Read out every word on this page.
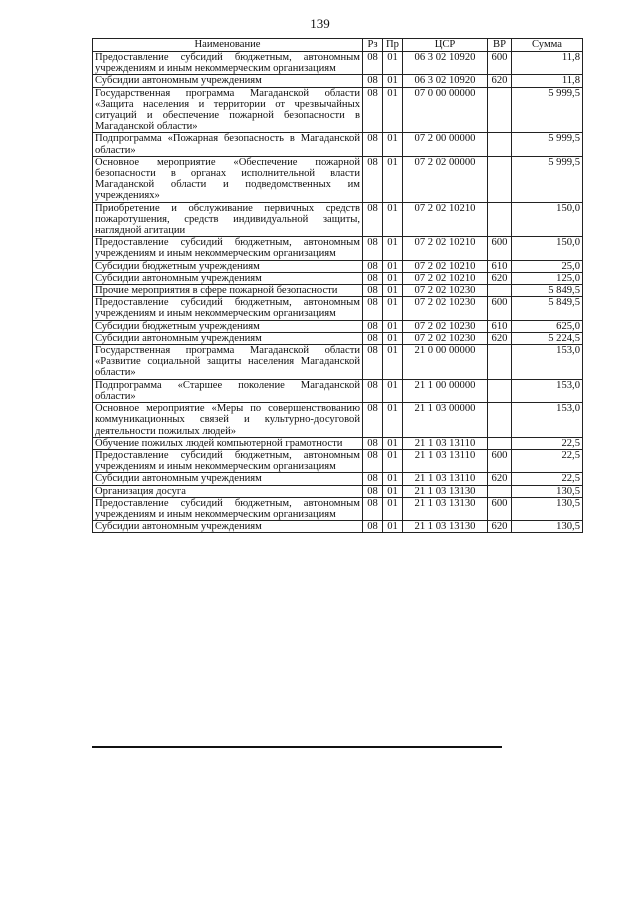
139
Наименование	Рз	Пр	ЦСР	ВР	Сумма
Предоставление субсидий бюджетным, автономным учреждениям и иным некоммерческим организациям	08	01	06 3 02 10920	600	11,8
Субсидии автономным учреждениям	08	01	06 3 02 10920	620	11,8
Государственная программа Магаданской области «Защита населения и территории от чрезвычайных ситуаций и обеспечение пожарной безопасности в Магаданской области»	08	01	07 0 00 00000		5 999,5
Подпрограмма «Пожарная безопасность в Магаданской области»	08	01	07 2 00 00000		5 999,5
Основное мероприятие «Обеспечение пожарной безопасности в органах исполнительной власти Магаданской области и подведомственных им учреждениях»	08	01	07 2 02 00000		5 999,5
Приобретение и обслуживание первичных средств пожаротушения, средств индивидуальной защиты, наглядной агитации	08	01	07 2 02 10210		150,0
Предоставление субсидий бюджетным, автономным учреждениям и иным некоммерческим организациям	08	01	07 2 02 10210	600	150,0
Субсидии бюджетным учреждениям	08	01	07 2 02 10210	610	25,0
Субсидии автономным учреждениям	08	01	07 2 02 10210	620	125,0
Прочие мероприятия в сфере пожарной безопасности	08	01	07 2 02 10230		5 849,5
Предоставление субсидий бюджетным, автономным учреждениям и иным некоммерческим организациям	08	01	07 2 02 10230	600	5 849,5
Субсидии бюджетным учреждениям	08	01	07 2 02 10230	610	625,0
Субсидии автономным учреждениям	08	01	07 2 02 10230	620	5 224,5
Государственная программа Магаданской области «Развитие социальной защиты населения Магаданской области»	08	01	21 0 00 00000		153,0
Подпрограмма «Старшее поколение Магаданской области»	08	01	21 1 00 00000		153,0
Основное мероприятие «Меры по совершенствованию коммуникационных связей и культурно-досуговой деятельности пожилых людей»	08	01	21 1 03 00000		153,0
Обучение пожилых людей компьютерной грамотности	08	01	21 1 03 13110		22,5
Предоставление субсидий бюджетным, автономным учреждениям и иным некоммерческим организациям	08	01	21 1 03 13110	600	22,5
Субсидии автономным учреждениям	08	01	21 1 03 13110	620	22,5
Организация досуга	08	01	21 1 03 13130		130,5
Предоставление субсидий бюджетным, автономным учреждениям и иным некоммерческим организациям	08	01	21 1 03 13130	600	130,5
Субсидии автономным учреждениям	08	01	21 1 03 13130	620	130,5
